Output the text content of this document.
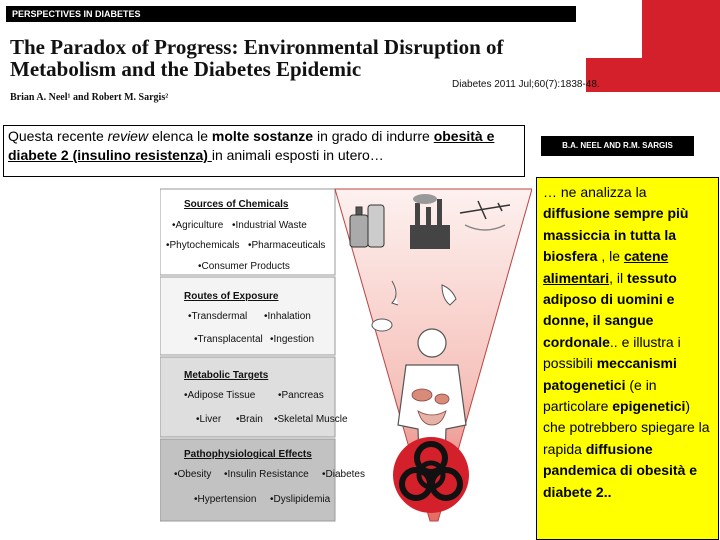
PERSPECTIVES IN DIABETES
The Paradox of Progress: Environmental Disruption of
Metabolism and the Diabetes Epidemic
Brian A. Neel¹ and Robert M. Sargis²
Diabetes 2011 Jul;60(7):1838-48.
Questa recente review elenca le molte sostanze in grado di indurre obesità e diabete 2 (insulino resistenza) in animali esposti in utero…
B.A. NEEL AND R.M. SARGIS
Sources of Chemicals
•Agriculture •Industrial Waste
•Phytochemicals •Pharmaceuticals
•Consumer Products
Routes of Exposure
•Transdermal •Inhalation
•Transplacental •Ingestion
Metabolic Targets
•Adipose Tissue •Pancreas
•Liver •Brain •Skeletal Muscle
Pathophysiological Effects
•Obesity •Insulin Resistance •Diabetes
•Hypertension •Dyslipidemia
… ne analizza la diffusione sempre più massiccia in tutta la biosfera , le catene alimentari, il tessuto adiposo di uomini e donne, il sangue cordonale.. e illustra i possibili meccanismi patogenetici (e in particolare epigenetici) che potrebbero spiegare la rapida diffusione pandemica di obesità e diabete 2..
